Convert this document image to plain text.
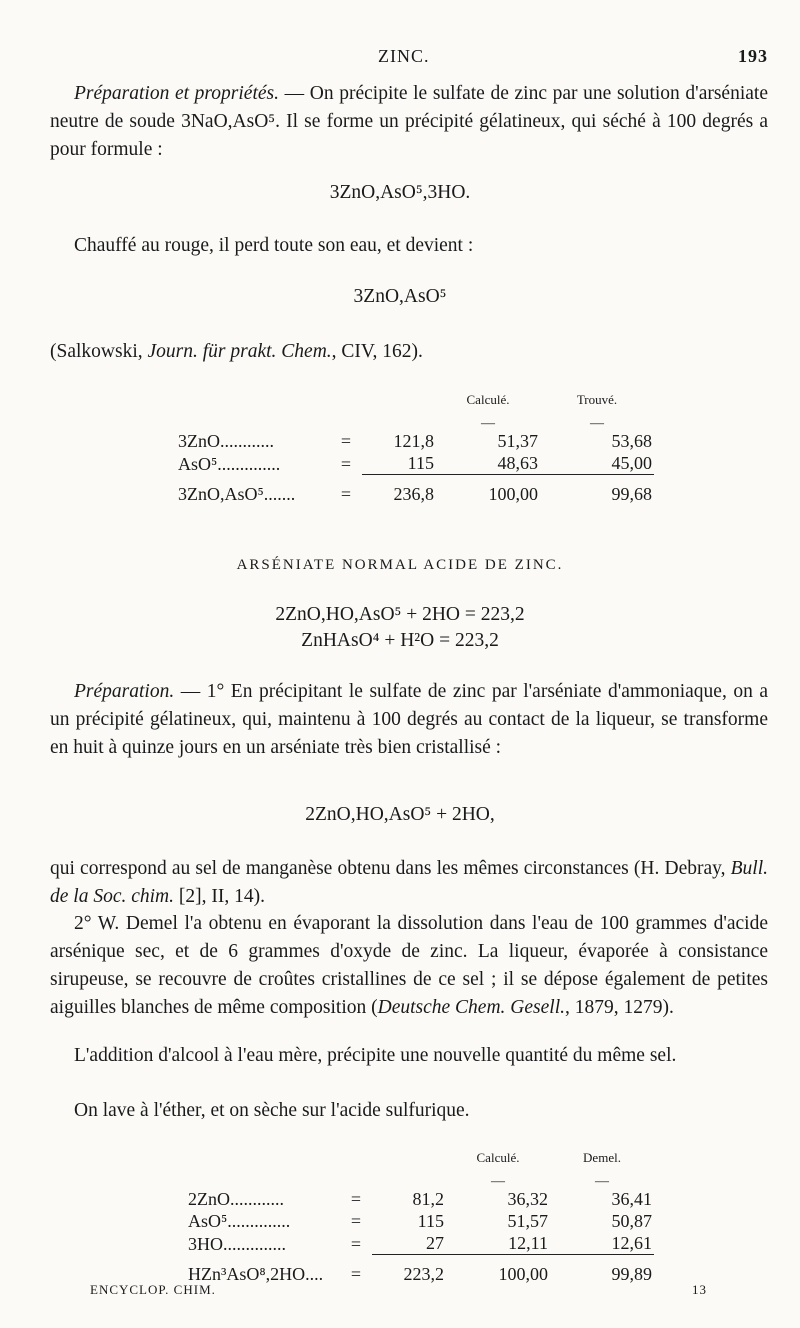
ZINC.	193

Préparation et propriétés. — On précipite le sulfate de zinc par une solution d'arséniate neutre de soude 3NaO,AsO⁵. Il se forme un précipité gélatineux, qui séché à 100 degrés a pour formule :

3ZnO,AsO⁵,3HO.

Chauffé au rouge, il perd toute son eau, et devient :

3ZnO,AsO⁵

(Salkowski, Journ. für prakt. Chem., CIV, 162).

			Calculé.	Trouvé.
			—	—
3ZnO............	=	121,8	51,37	53,68
AsO⁵..............	=	115	48,63	45,00
3ZnO,AsO⁵.......	=	236,8	100,00	99,68
ARSÉNIATE NORMAL ACIDE DE ZINC.
2ZnO,HO,AsO⁵ + 2HO = 223,2
ZnHAsO⁴ + H²O = 223,2

Préparation. — 1° En précipitant le sulfate de zinc par l'arséniate d'ammoniaque, on a un précipité gélatineux, qui, maintenu à 100 degrés au contact de la liqueur, se transforme en huit à quinze jours en un arséniate très bien cristallisé :

2ZnO,HO,AsO⁵ + 2HO,

qui correspond au sel de manganèse obtenu dans les mêmes circonstances (H. Debray, Bull. de la Soc. chim. [2], II, 14).

2° W. Demel l'a obtenu en évaporant la dissolution dans l'eau de 100 grammes d'acide arsénique sec, et de 6 grammes d'oxyde de zinc. La liqueur, évaporée à consistance sirupeuse, se recouvre de croûtes cristallines de ce sel ; il se dépose également de petites aiguilles blanches de même composition (Deutsche Chem. Gesell., 1879, 1279).

L'addition d'alcool à l'eau mère, précipite une nouvelle quantité du même sel.

On lave à l'éther, et on sèche sur l'acide sulfurique.

			Calculé.	Demel.
			—	—
2ZnO............	=	81,2	36,32	36,41
AsO⁵..............	=	115	51,57	50,87
3HO..............	=	27	12,11	12,61
HZn³AsO⁸,2HO....	=	223,2	100,00	99,89
ENCYCLOP. CHIM.	13
